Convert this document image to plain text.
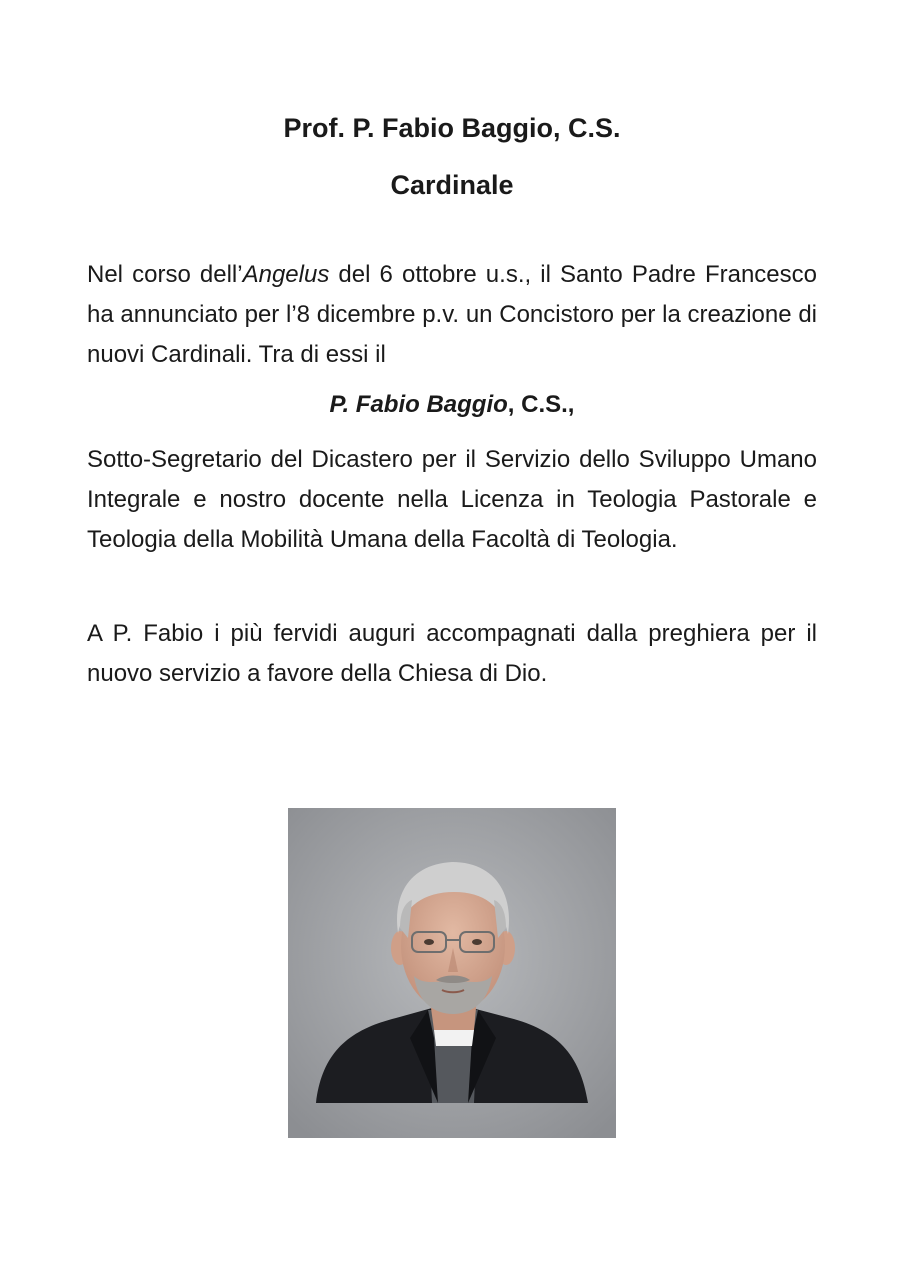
Prof. P. Fabio Baggio, C.S.
Cardinale

Nel corso dell’Angelus del 6 ottobre u.s., il Santo Padre Francesco ha annunciato per l’8 dicembre p.v. un Concistoro per la creazione di nuovi Cardinali. Tra di essi il

P. Fabio Baggio, C.S.,

Sotto-Segretario del Dicastero per il Servizio dello Sviluppo Umano Integrale e nostro docente nella Licenza in Teologia Pastorale e Teologia della Mobilità Umana della Facoltà di Teologia.

A P. Fabio i più fervidi auguri accompagnati dalla preghiera per il nuovo servizio a favore della Chiesa di Dio.
